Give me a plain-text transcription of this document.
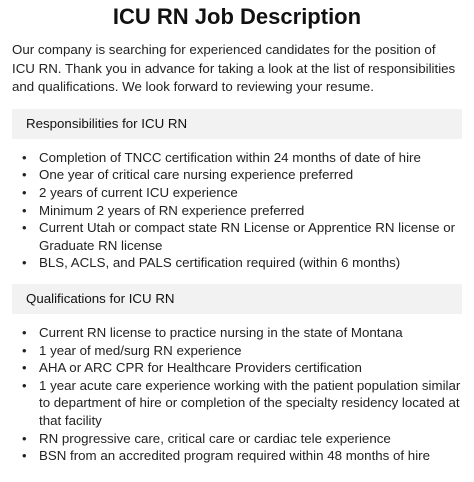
ICU RN Job Description

Our company is searching for experienced candidates for the position of ICU RN. Thank you in advance for taking a look at the list of responsibilities and qualifications. We look forward to reviewing your resume.

Responsibilities for ICU RN
• Completion of TNCC certification within 24 months of date of hire
• One year of critical care nursing experience preferred
• 2 years of current ICU experience
• Minimum 2 years of RN experience preferred
• Current Utah or compact state RN License or Apprentice RN license or Graduate RN license
• BLS, ACLS, and PALS certification required (within 6 months)
Qualifications for ICU RN
• Current RN license to practice nursing in the state of Montana
• 1 year of med/surg RN experience
• AHA or ARC CPR for Healthcare Providers certification
• 1 year acute care experience working with the patient population similar to department of hire or completion of the specialty residency located at that facility
• RN progressive care, critical care or cardiac tele experience
• BSN from an accredited program required within 48 months of hire
